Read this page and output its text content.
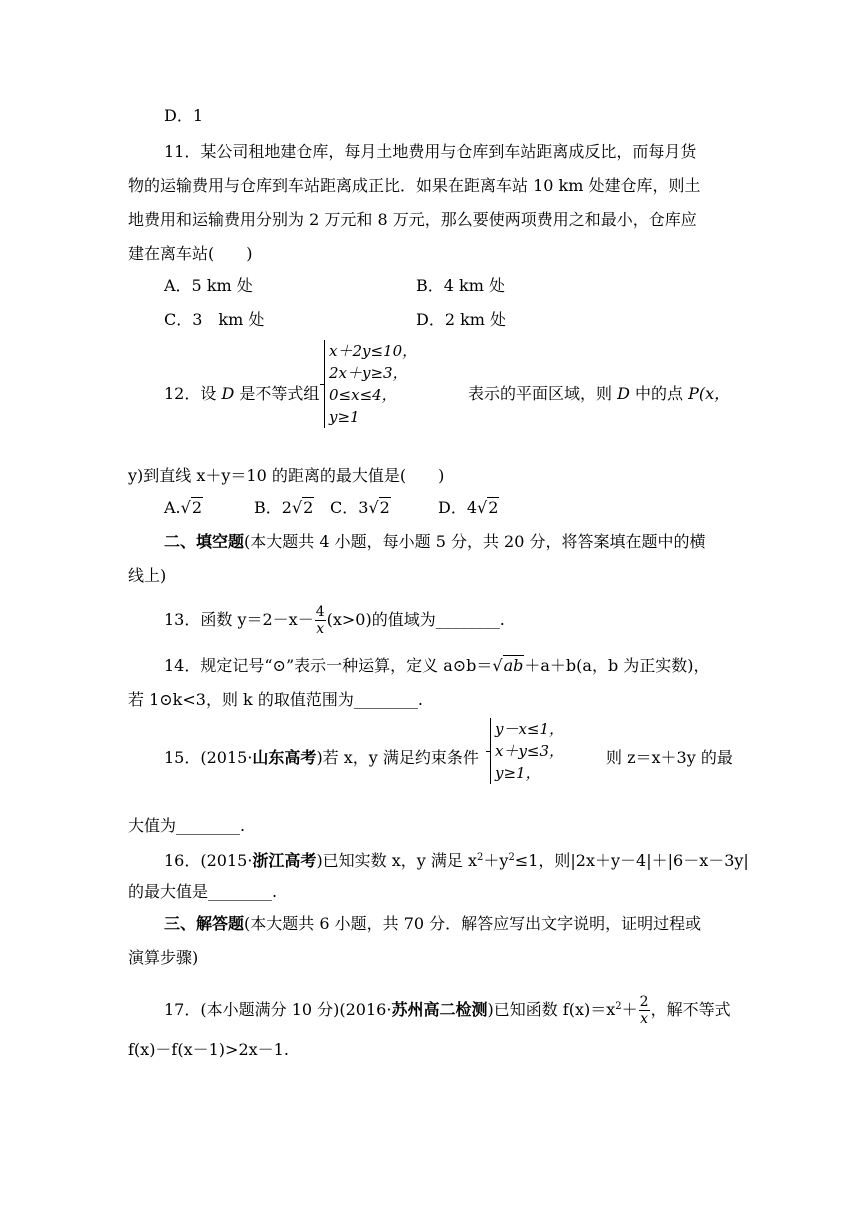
D．1
11．某公司租地建仓库，每月土地费用与仓库到车站距离成反比，而每月货
物的运输费用与仓库到车站距离成正比．如果在距离车站 10 km 处建仓库，则土
地费用和运输费用分别为 2 万元和 8 万元，那么要使两项费用之和最小，仓库应
建在离车站(　　)
A．5 km 处	B．4 km 处
C．3　km 处	D．2 km 处
12．设 D 是不等式组
x＋2y≤10，
2x＋y≥3，
0≤x≤4，
y≥1
表示的平面区域，则 D 中的点 P(x，
y)到直线 x＋y＝10 的距离的最大值是(　　)
A.√2	B．2√2 C．3√2	D．4√2
二、填空题(本大题共 4 小题，每小题 5 分，共 20 分，将答案填在题中的横
线上)
13．函数 $y=2-x- \frac{4}{x} (x>0)$的值域为________.
14．规定记号“⊙”表示一种运算，定义 a⊙b＝√ab＋a＋b(a，b 为正实数)，
若 1⊙k<3，则 k 的取值范围为________.
15．(2015·山东高考)若 x，y 满足约束条件
y－x≤1，
x＋y≤3，
y≥1，
则 z＝x＋3y 的最
大值为________.
16．(2015·浙江高考)已知实数 x，y 满足 $x^2+y^2\le 1$，则|2x＋y－4|＋|6－x－3y|
的最大值是________.
三、解答题(本大题共 6 小题，共 70 分．解答应写出文字说明，证明过程或
演算步骤)
17．(本小题满分 10 分)(2016·苏州高二检测)已知函数 $f(x)=x^2+ \frac{2}{x}$ ，解不等式
f(x)－f(x－1)>2x－1.
